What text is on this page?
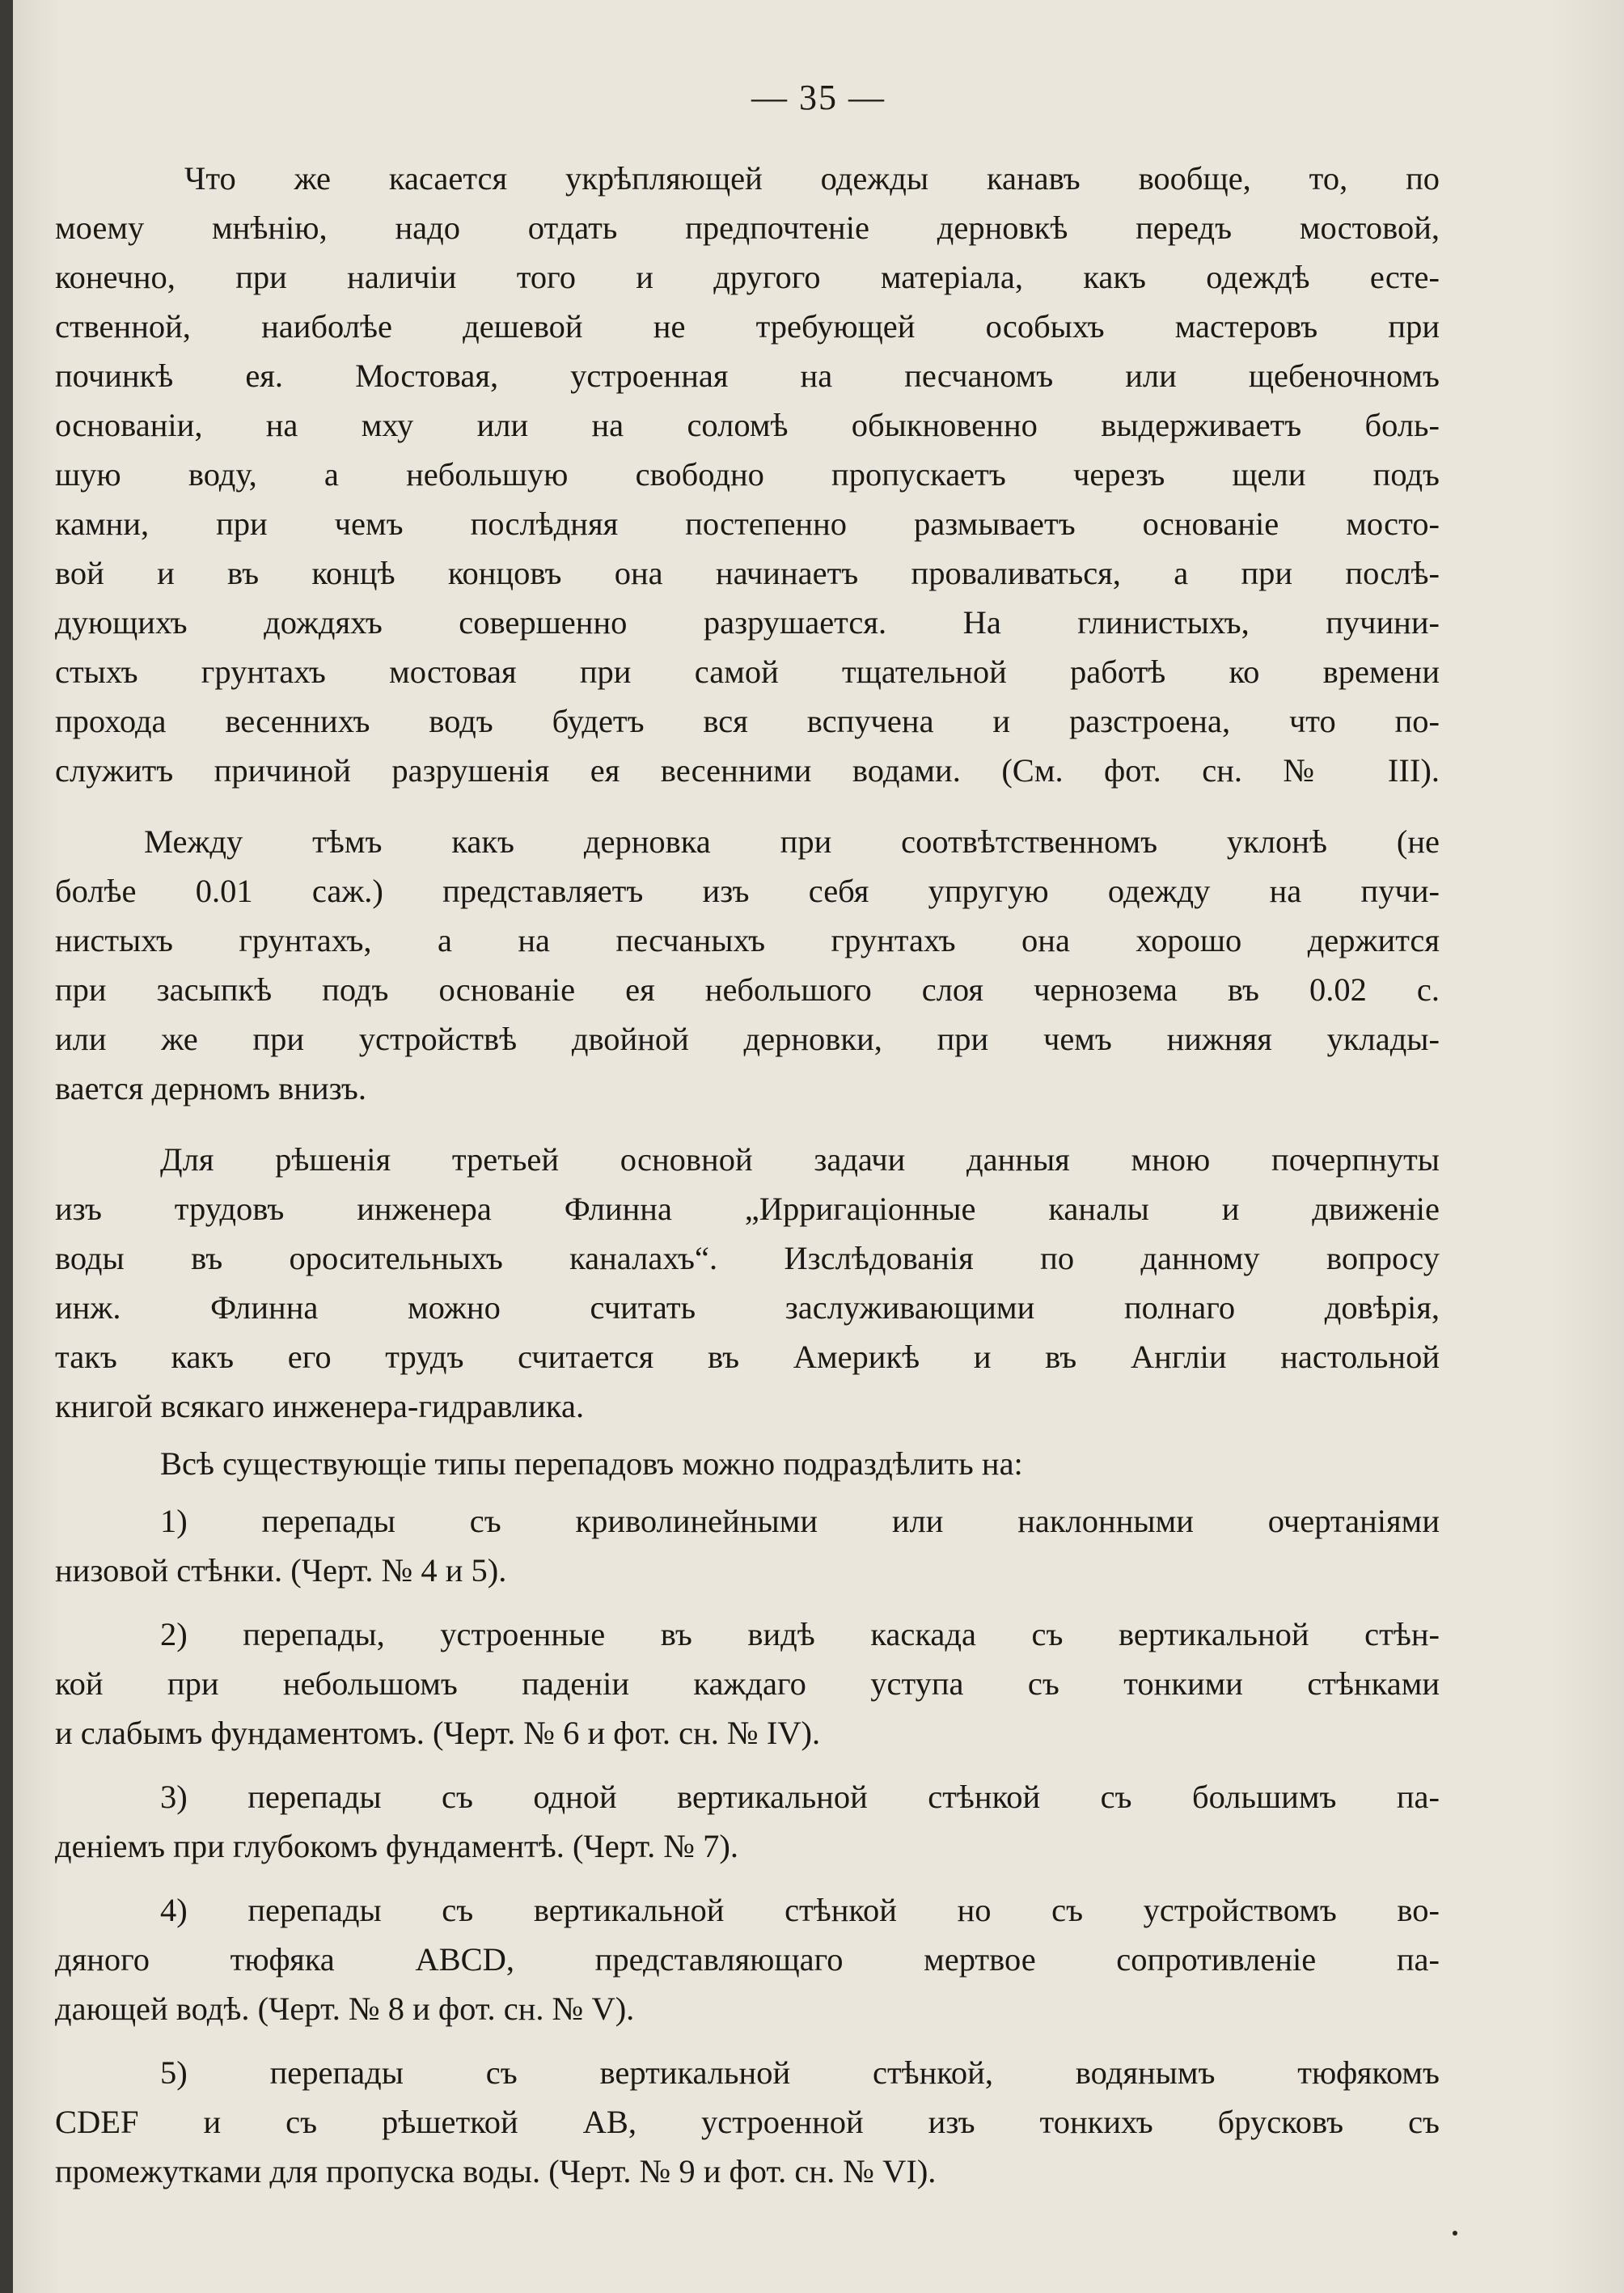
— 35 —
Что же касается укрѣпляющей одежды канавъ вообще, то, по
моему мнѣнію, надо отдать предпочтеніе дерновкѣ передъ мостовой,
конечно, при наличіи того и другого матеріала, какъ одеждѣ есте-
ственной, наиболѣе дешевой не требующей особыхъ мастеровъ при
починкѣ ея. Мостовая, устроенная на песчаномъ или щебеночномъ
основаніи, на мху или на соломѣ обыкновенно выдерживаетъ боль-
шую воду, а небольшую свободно пропускаетъ черезъ щели подъ
камни, при чемъ послѣдняя постепенно размываетъ основаніе мосто-
вой и въ концѣ концовъ она начинаетъ проваливаться, а при послѣ-
дующихъ дождяхъ совершенно разрушается. На глинистыхъ, пучини-
стыхъ грунтахъ мостовая при самой тщательной работѣ ко времени
прохода весеннихъ водъ будетъ вся вспучена и разстроена, что по-
служитъ причиной разрушенія ея весенними водами. (См. фот. сн. № III).
Между тѣмъ какъ дерновка при соотвѣтственномъ уклонѣ (не
болѣе 0.01 саж.) представляетъ изъ себя упругую одежду на пучи-
нистыхъ грунтахъ, а на песчаныхъ грунтахъ она хорошо держится
при засыпкѣ подъ основаніе ея небольшого слоя чернозема въ 0.02 с.
или же при устройствѣ двойной дерновки, при чемъ нижняя уклады-
вается дерномъ внизъ.
Для рѣшенія третьей основной задачи данныя мною почерпнуты
изъ трудовъ инженера Флинна „Ирригаціонные каналы и движеніе
воды въ оросительныхъ каналахъ“. Изслѣдованія по данному вопросу
инж. Флинна можно считать заслуживающими полнаго довѣрія,
такъ какъ его трудъ считается въ Америкѣ и въ Англіи настольной
книгой всякаго инженера-гидравлика.
Всѣ существующіе типы перепадовъ можно подраздѣлить на:
1) перепады съ криволинейными или наклонными очертаніями
низовой стѣнки. (Черт. № 4 и 5).
2) перепады, устроенные въ видѣ каскада съ вертикальной стѣн-
кой при небольшомъ паденіи каждаго уступа съ тонкими стѣнками
и слабымъ фундаментомъ. (Черт. № 6 и фот. сн. № IV).
3) перепады съ одной вертикальной стѣнкой съ большимъ па-
деніемъ при глубокомъ фундаментѣ. (Черт. № 7).
4) перепады съ вертикальной стѣнкой но съ устройствомъ во-
дяного тюфяка ABCD, представляющаго мертвое сопротивленіе па-
дающей водѣ. (Черт. № 8 и фот. сн. № V).
5) перепады съ вертикальной стѣнкой, водянымъ тюфякомъ
CDEF и съ рѣшеткой AB, устроенной изъ тонкихъ брусковъ съ
промежутками для пропуска воды. (Черт. № 9 и фот. сн. № VI).
